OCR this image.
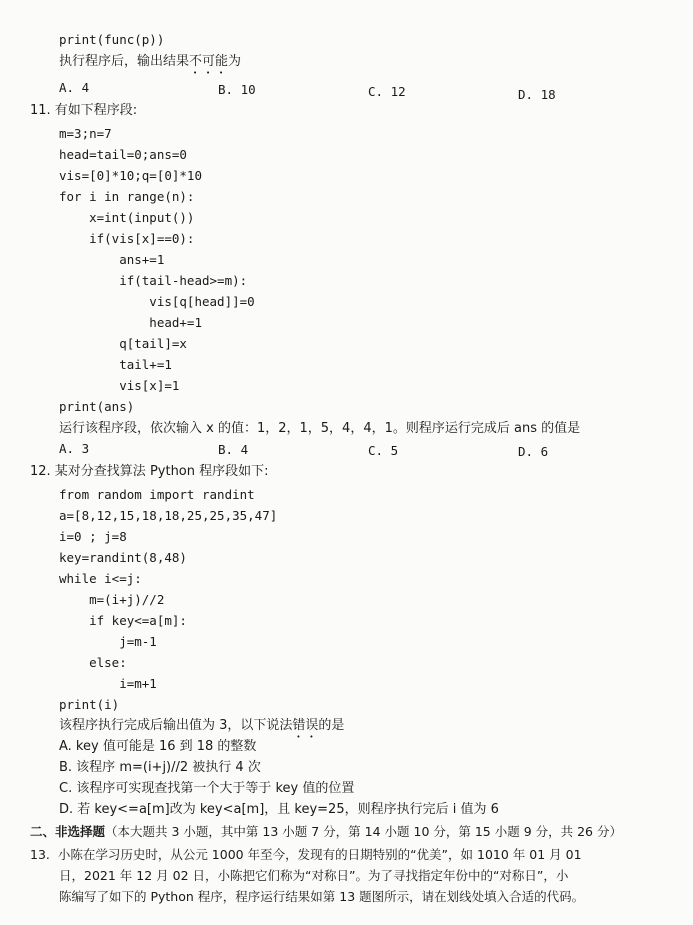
print(func(p))
执行程序后，输出结果不可能为
A. 4	B. 10	C. 12	D. 18
11. 有如下程序段:
m=3;n=7
head=tail=0;ans=0
vis=[0]*10;q=[0]*10
for i in range(n):
x=int(input())
if(vis[x]==0):
ans+=1
if(tail-head>=m):
vis[q[head]]=0
head+=1
q[tail]=x
tail+=1
vis[x]=1
print(ans)
运行该程序段，依次输入 x 的值：1，2，1，5，4，4，1。则程序运行完成后 ans 的值是
A. 3	B. 4	C. 5	D. 6
12. 某对分查找算法 Python 程序段如下:
from random import randint
a=[8,12,15,18,18,25,25,35,47]
i=0 ; j=8
key=randint(8,48)
while i<=j:
m=(i+j)//2
if key<=a[m]:
j=m-1
else:
i=m+1
print(i)
该程序执行完成后输出值为 3，以下说法错误的是
A. key 值可能是 16 到 18 的整数
B. 该程序 m=(i+j)//2 被执行 4 次
C. 该程序可实现查找第一个大于等于 key 值的位置
D. 若 key<=a[m]改为 key<a[m]，且 key=25，则程序执行完后 i 值为 6
二、非选择题（本大题共 3 小题，其中第 13 小题 7 分，第 14 小题 10 分，第 15 小题 9 分，共 26 分）
13.  小陈在学习历史时，从公元 1000 年至今，发现有的日期特别的“优美”，如 1010 年 01 月 01
日，2021 年 12 月 02 日，小陈把它们称为“对称日”。为了寻找指定年份中的“对称日”，小
陈编写了如下的 Python 程序，程序运行结果如第 13 题图所示，请在划线处填入合适的代码。
